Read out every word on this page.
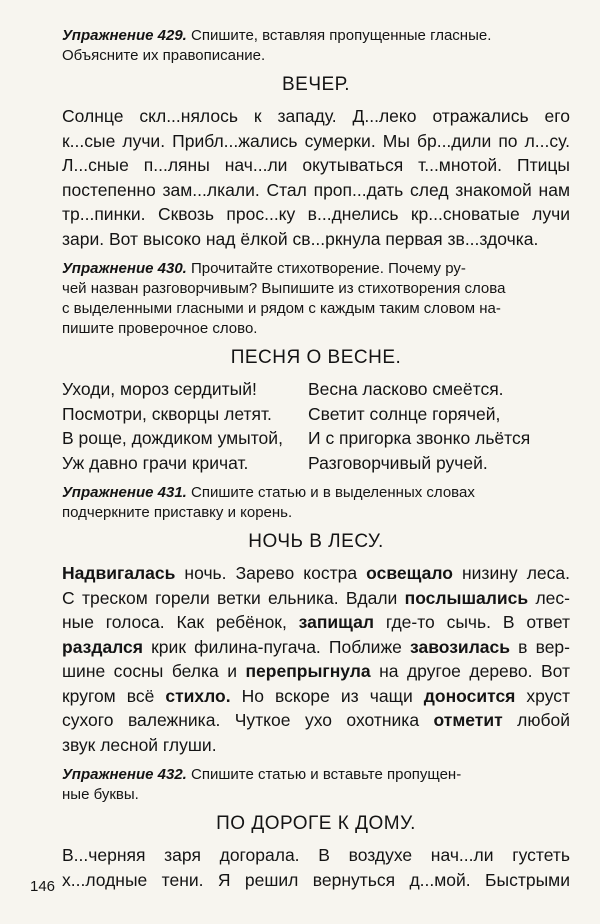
Упражнение 429. Спишите, вставляя пропущенные гласные.
Объясните их правописание.

ВЕЧЕР.
Солнце скл...нялось к западу. Д...леко отражались его
к...сые лучи. Прибл...жались сумерки. Мы бр...дили по л...су.
Л...сные п...ляны нач...ли окутываться т...мнотой. Птицы
постепенно зам...лкали. Стал проп...дать след знакомой нам
тр...пинки. Сквозь прос...ку в...днелись кр...сноватые лучи
зари. Вот высоко над ёлкой св...ркнула первая зв...здочка.

Упражнение 430. Прочитайте стихотворение. Почему ру-
чей назван разговорчивым? Выпишите из стихотворения слова
с выделенными гласными и рядом с каждым таким словом на-
пишите проверочное слово.

ПЕСНЯ О ВЕСНЕ.
Уходи, мороз сердитый!
Посмотри, скворцы летят.
В роще, дождиком умытой,
Уж давно грачи кричат.
Весна ласково смеётся.
Светит солнце горячей,
И с пригорка звонко льётся
Разговорчивый ручей.

Упражнение 431. Спишите статью и в выделенных словах
подчеркните приставку и корень.

НОЧЬ В ЛЕСУ.
Надвигалась ночь. Зарево костра освещало низину леса.
С треском горели ветки ельника. Вдали послышались лес-
ные голоса. Как ребёнок, запищал где-то сычь. В ответ
раздался крик филина-пугача. Поближе завозилась в вер-
шине сосны белка и перепрыгнула на другое дерево. Вот
кругом всё стихло. Но вскоре из чащи доносится хруст
сухого валежника. Чуткое ухо охотника отметит любой
звук лесной глуши.

Упражнение 432. Спишите статью и вставьте пропущен-
ные буквы.

ПО ДОРОГЕ К ДОМУ.
В...черняя заря догорала. В воздухе нач...ли густеть
х...лодные тени. Я решил вернуться д...мой. Быстрыми
146
